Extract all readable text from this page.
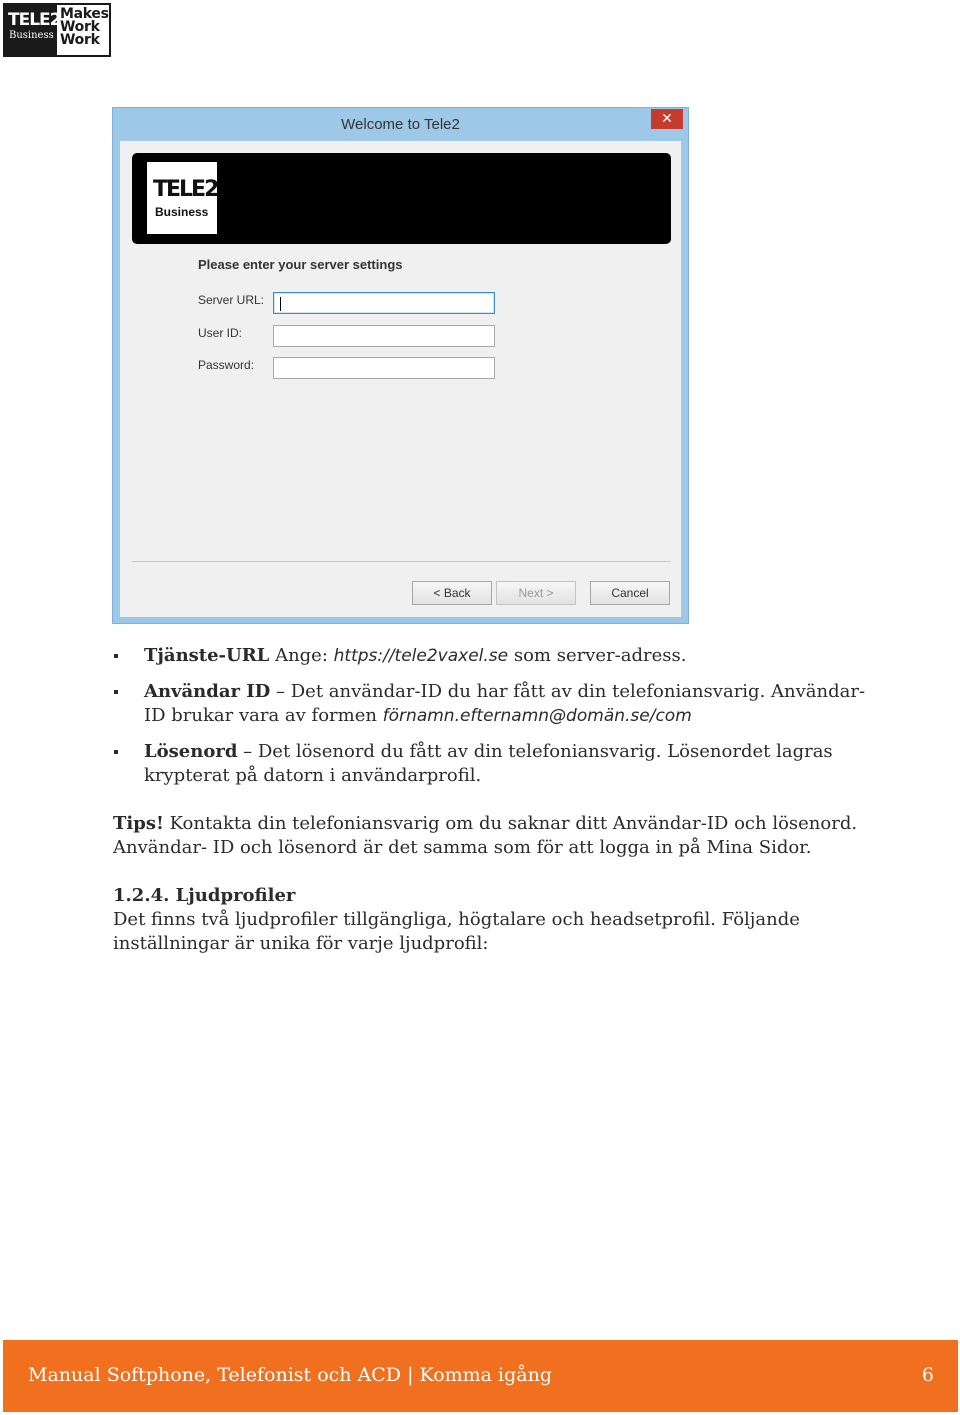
TELE2
Business
Makes
Work
Work
Welcome to Tele2	✕
TELE2
Business
Please enter your server settings
Server URL:
User ID:
Password:
< Back	Next >	Cancel
Tjänste-URL Ange: https://tele2vaxel.se som server-adress.
Användar ID – Det användar-ID du har fått av din telefoniansvarig. Användar-ID brukar vara av formen förnamn.efternamn@domän.se/com
Lösenord – Det lösenord du fått av din telefoniansvarig. Lösenordet lagras krypterat på datorn i användarprofil.
Tips! Kontakta din telefoniansvarig om du saknar ditt Användar-ID och lösenord.
Användar- ID och lösenord är det samma som för att logga in på Mina Sidor.
1.2.4. Ljudprofiler
Det finns två ljudprofiler tillgängliga, högtalare och headsetprofil. Följande
inställningar är unika för varje ljudprofil:
Manual Softphone, Telefonist och ACD | Komma igång	6
